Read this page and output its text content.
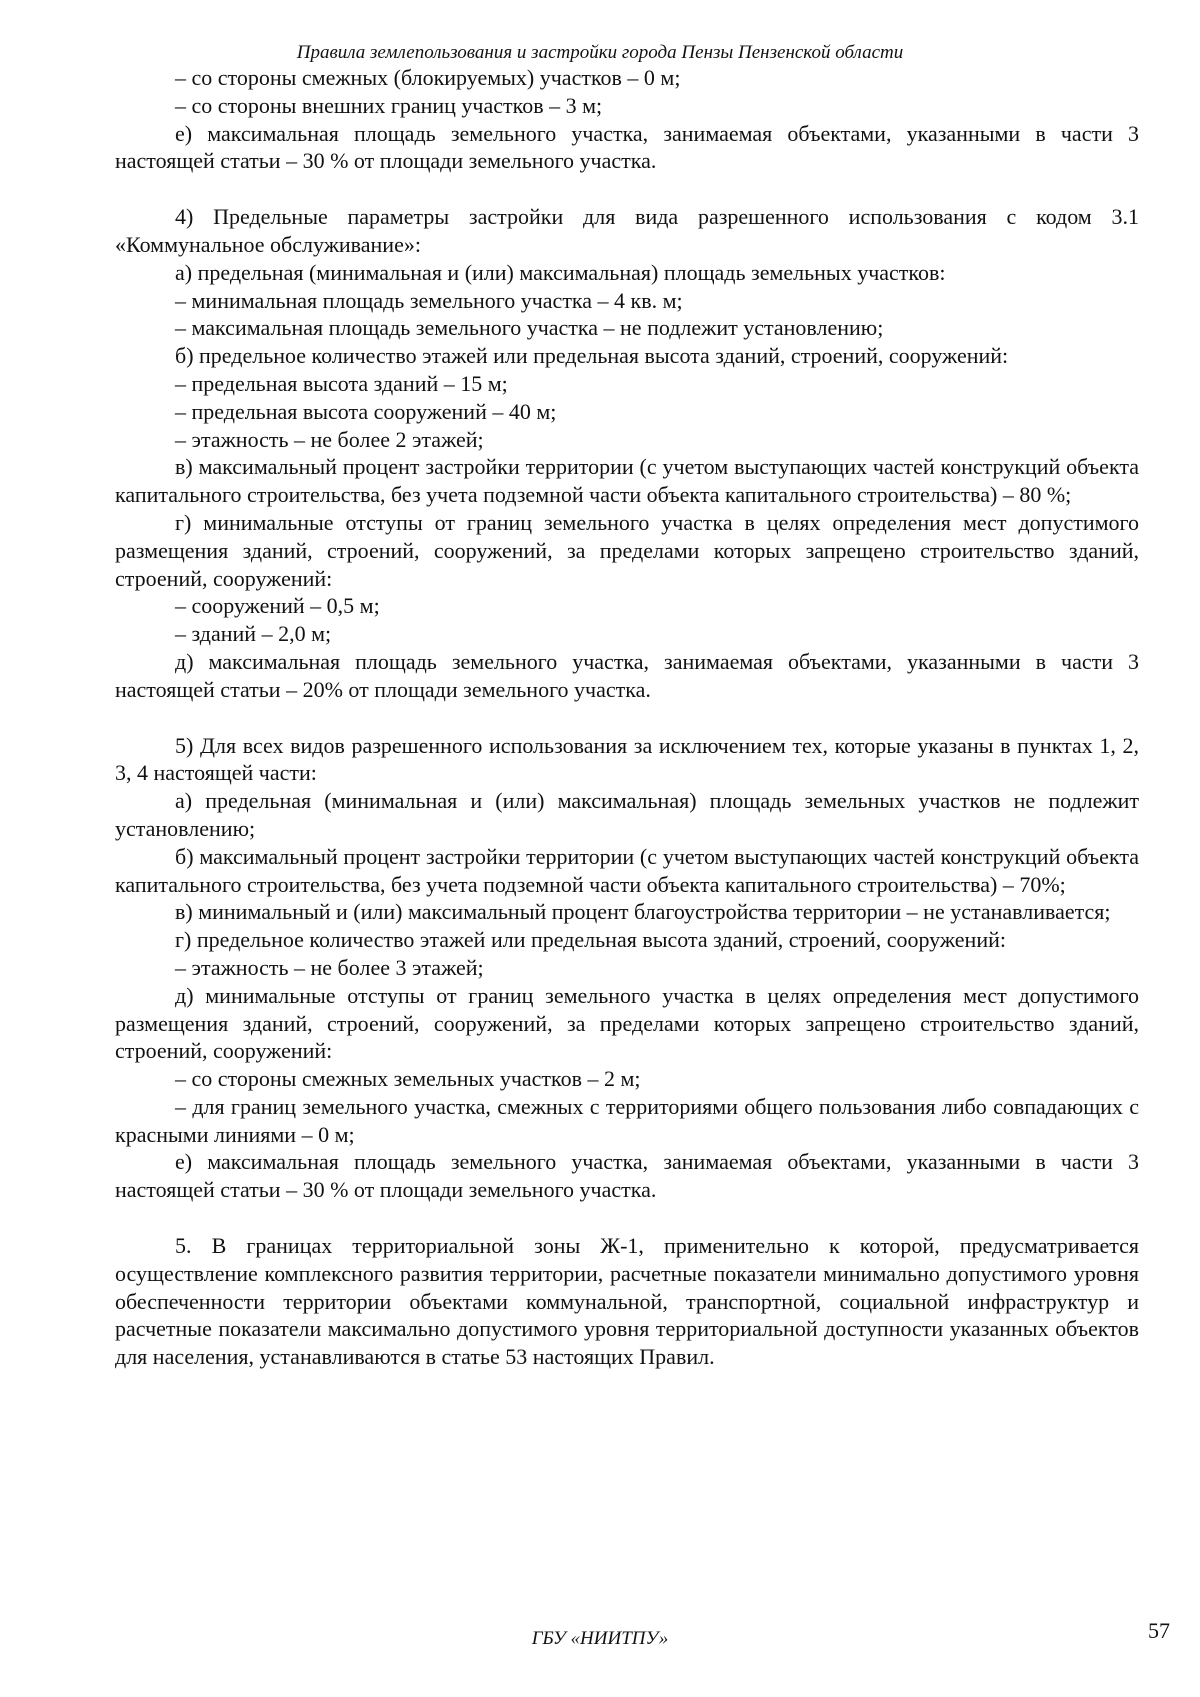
Правила землепользования и застройки города Пензы Пензенской области

– со стороны смежных (блокируемых) участков – 0 м;

– со стороны внешних границ участков – 3 м;

е) максимальная площадь земельного участка, занимаемая объектами, указанными в части 3 настоящей статьи – 30 % от площади земельного участка.

4) Предельные параметры застройки для вида разрешенного использования с кодом 3.1 «Коммунальное обслуживание»:

а) предельная (минимальная и (или) максимальная) площадь земельных участков:

– минимальная площадь земельного участка – 4 кв. м;

– максимальная площадь земельного участка – не подлежит установлению;

б) предельное количество этажей или предельная высота зданий, строений, сооружений:

– предельная высота зданий – 15 м;

– предельная высота сооружений – 40 м;

– этажность – не более 2 этажей;

в) максимальный процент застройки территории (с учетом выступающих частей конструкций объекта капитального строительства, без учета подземной части объекта капитального строительства) – 80 %;

г) минимальные отступы от границ земельного участка в целях определения мест допустимого размещения зданий, строений, сооружений, за пределами которых запрещено строительство зданий, строений, сооружений:

– сооружений – 0,5 м;

– зданий – 2,0 м;

д) максимальная площадь земельного участка, занимаемая объектами, указанными в части 3 настоящей статьи – 20% от площади земельного участка.

5) Для всех видов разрешенного использования за исключением тех, которые указаны в пунктах 1, 2, 3, 4 настоящей части:

а) предельная (минимальная и (или) максимальная) площадь земельных участков не подлежит установлению;

б) максимальный процент застройки территории (с учетом выступающих частей конструкций объекта капитального строительства, без учета подземной части объекта капитального строительства) – 70%;

в) минимальный и (или) максимальный процент благоустройства территории – не устанавливается;

г) предельное количество этажей или предельная высота зданий, строений, сооружений:

– этажность – не более 3 этажей;

д) минимальные отступы от границ земельного участка в целях определения мест допустимого размещения зданий, строений, сооружений, за пределами которых запрещено строительство зданий, строений, сооружений:

– со стороны смежных земельных участков – 2 м;

– для границ земельного участка, смежных с территориями общего пользования либо совпадающих с красными линиями – 0 м;

е) максимальная площадь земельного участка, занимаемая объектами, указанными в части 3 настоящей статьи – 30 % от площади земельного участка.

5. В границах территориальной зоны Ж-1, применительно к которой, предусматривается осуществление комплексного развития территории, расчетные показатели минимально допустимого уровня обеспеченности территории объектами коммунальной, транспортной, социальной инфраструктур и расчетные показатели максимально допустимого уровня территориальной доступности указанных объектов для населения, устанавливаются в статье 53 настоящих Правил.

ГБУ «НИИТПУ»	57
